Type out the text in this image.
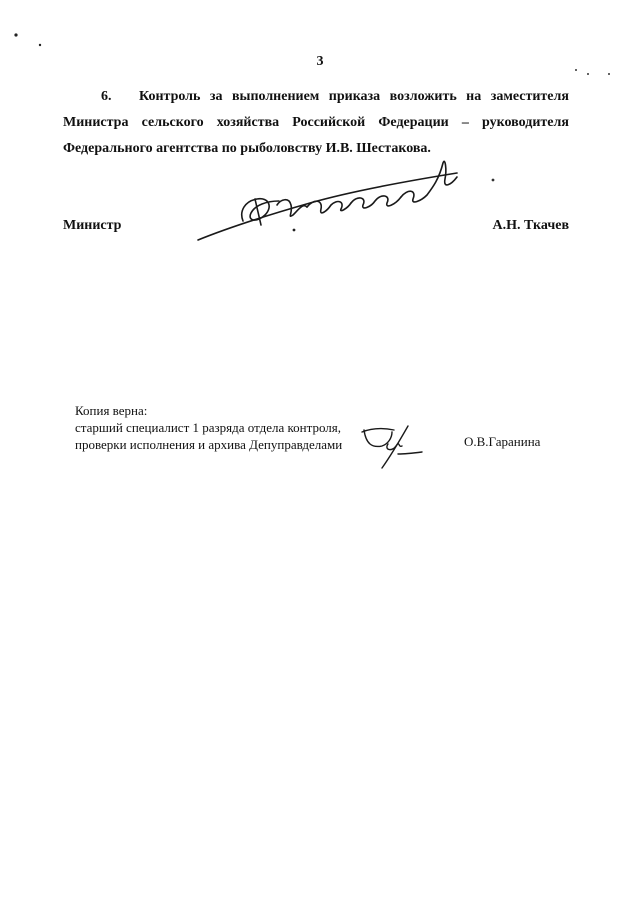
3
6. Контроль за выполнением приказа возложить на заместителя
Министра сельского хозяйства Российской Федерации – руководителя
Федерального агентства по рыболовству И.В. Шестакова.
Министр	А.Н. Ткачев
Копия верна:
старший специалист 1 разряда отдела контроля,
проверки исполнения и архива Депуправделами	О.В.Гаранина
